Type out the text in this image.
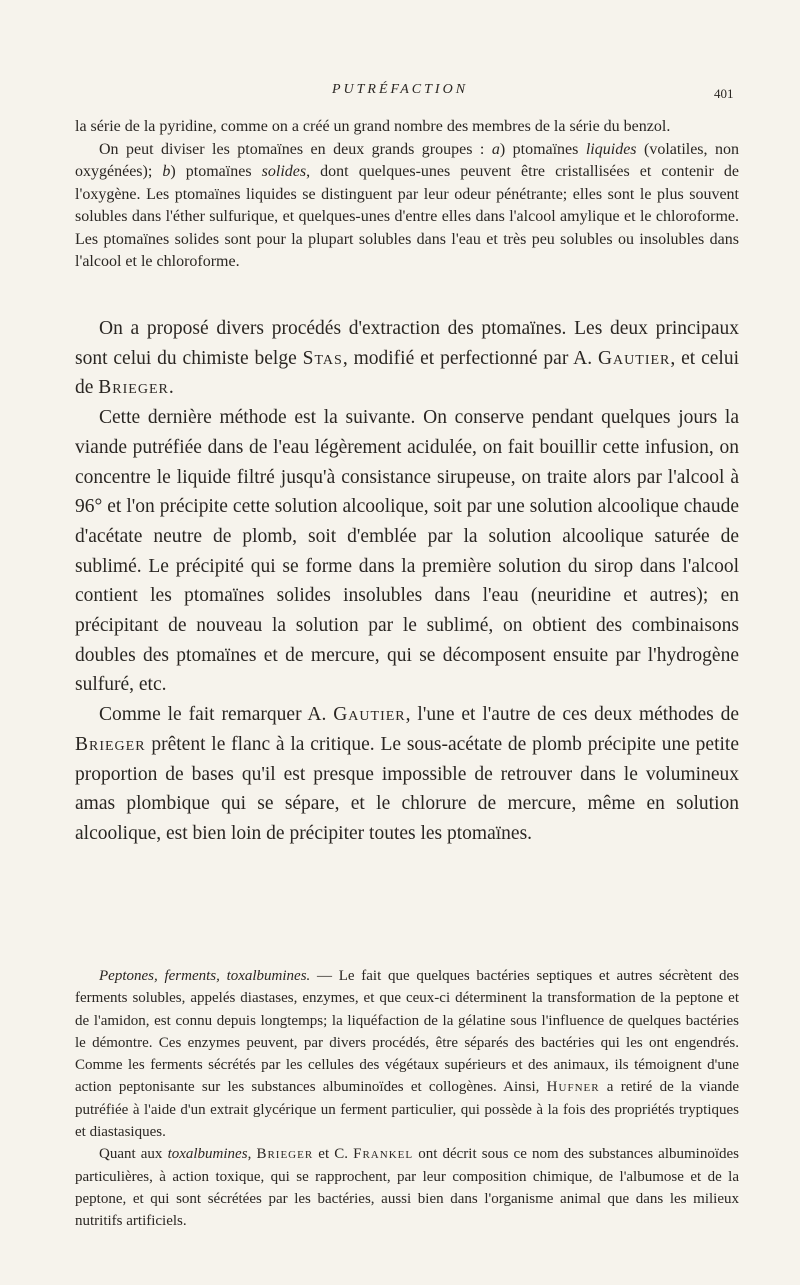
PUTRÉFACTION	401

la série de la pyridine, comme on a créé un grand nombre des membres de la série du benzol.

On peut diviser les ptomaïnes en deux grands groupes : a) ptomaïnes liquides (volatiles, non oxygénées); b) ptomaïnes solides, dont quelques-unes peuvent être cristallisées et contenir de l'oxygène. Les ptomaïnes liquides se distinguent par leur odeur pénétrante; elles sont le plus souvent solubles dans l'éther sulfurique, et quelques-unes d'entre elles dans l'alcool amylique et le chloroforme. Les ptomaïnes solides sont pour la plupart solubles dans l'eau et très peu solubles ou insolubles dans l'alcool et le chloroforme.

On a proposé divers procédés d'extraction des ptomaïnes. Les deux principaux sont celui du chimiste belge Stas, modifié et perfectionné par A. Gautier, et celui de Brieger.

Cette dernière méthode est la suivante. On conserve pendant quelques jours la viande putréfiée dans de l'eau légèrement acidulée, on fait bouillir cette infusion, on concentre le liquide filtré jusqu'à consistance sirupeuse, on traite alors par l'alcool à 96° et l'on précipite cette solution alcoolique, soit par une solution alcoolique chaude d'acétate neutre de plomb, soit d'emblée par la solution alcoolique saturée de sublimé. Le précipité qui se forme dans la première solution du sirop dans l'alcool contient les ptomaïnes solides insolubles dans l'eau (neuridine et autres); en précipitant de nouveau la solution par le sublimé, on obtient des combinaisons doubles des ptomaïnes et de mercure, qui se décomposent ensuite par l'hydrogène sulfuré, etc.

Comme le fait remarquer A. Gautier, l'une et l'autre de ces deux méthodes de Brieger prêtent le flanc à la critique. Le sous-acétate de plomb précipite une petite proportion de bases qu'il est presque impossible de retrouver dans le volumineux amas plombique qui se sépare, et le chlorure de mercure, même en solution alcoolique, est bien loin de précipiter toutes les ptomaïnes.

Peptones, ferments, toxalbumines. — Le fait que quelques bactéries septiques et autres sécrètent des ferments solubles, appelés diastases, enzymes, et que ceux-ci déterminent la transformation de la peptone et de l'amidon, est connu depuis longtemps; la liquéfaction de la gélatine sous l'influence de quelques bactéries le démontre. Ces enzymes peuvent, par divers procédés, être séparés des bactéries qui les ont engendrés. Comme les ferments sécrétés par les cellules des végétaux supérieurs et des animaux, ils témoignent d'une action peptonisante sur les substances albuminoïdes et collogènes. Ainsi, Hufner a retiré de la viande putréfiée à l'aide d'un extrait glycérique un ferment particulier, qui possède à la fois des propriétés tryptiques et diastasiques.

Quant aux toxalbumines, Brieger et C. Frankel ont décrit sous ce nom des substances albuminoïdes particulières, à action toxique, qui se rapprochent, par leur composition chimique, de l'albumose et de la peptone, et qui sont sécrétées par les bactéries, aussi bien dans l'organisme animal que dans les milieux nutritifs artificiels.
